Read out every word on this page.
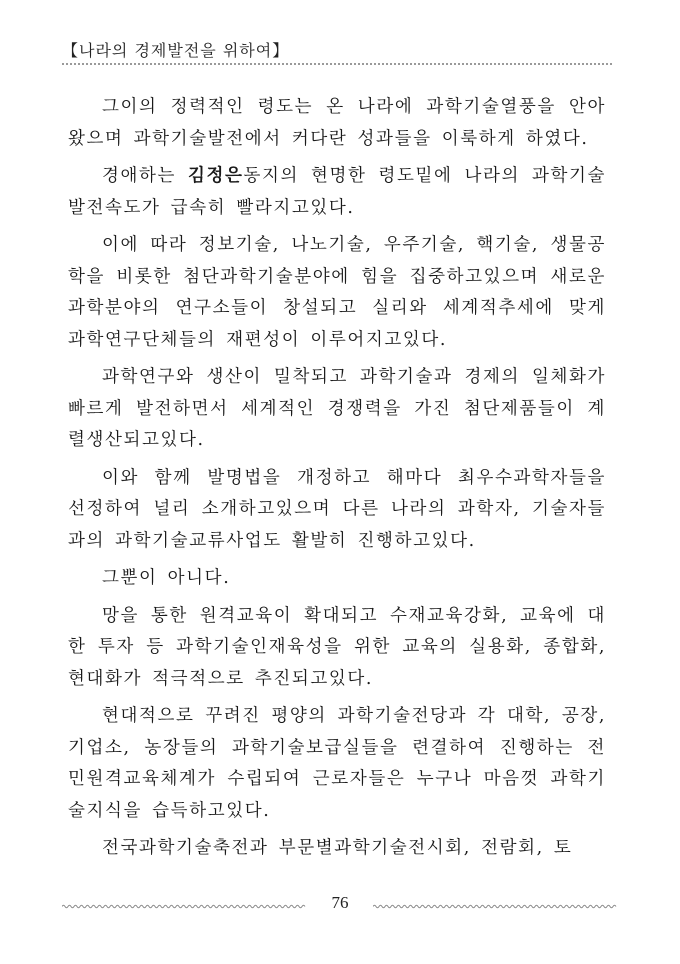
【나라의 경제발전을 위하여】

그이의 정력적인 령도는 온 나라에 과학기술열풍을 안아왔으며 과학기술발전에서 커다란 성과들을 이룩하게 하였다.

경애하는 김정은동지의 현명한 령도밑에 나라의 과학기술발전속도가 급속히 빨라지고있다.

이에 따라 정보기술, 나노기술, 우주기술, 핵기술, 생물공학을 비롯한 첨단과학기술분야에 힘을 집중하고있으며 새로운 과학분야의 연구소들이 창설되고 실리와 세계적추세에 맞게 과학연구단체들의 재편성이 이루어지고있다.

과학연구와 생산이 밀착되고 과학기술과 경제의 일체화가 빠르게 발전하면서 세계적인 경쟁력을 가진 첨단제품들이 계렬생산되고있다.

이와 함께 발명법을 개정하고 해마다 최우수과학자들을 선정하여 널리 소개하고있으며 다른 나라의 과학자, 기술자들과의 과학기술교류사업도 활발히 진행하고있다.

그뿐이 아니다.

망을 통한 원격교육이 확대되고 수재교육강화, 교육에 대한 투자 등 과학기술인재육성을 위한 교육의 실용화, 종합화, 현대화가 적극적으로 추진되고있다.

현대적으로 꾸려진 평양의 과학기술전당과 각 대학, 공장, 기업소, 농장들의 과학기술보급실들을 련결하여 진행하는 전민원격교육체계가 수립되여 근로자들은 누구나 마음껏 과학기술지식을 습득하고있다.

전국과학기술축전과 부문별과학기술전시회, 전람회, 토

76
